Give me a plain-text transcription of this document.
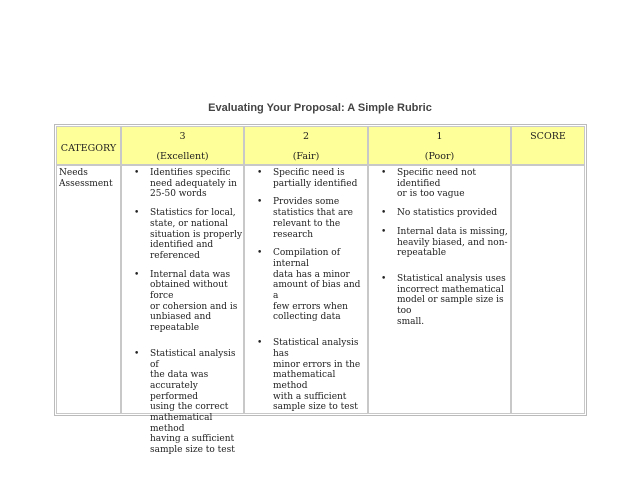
Evaluating Your Proposal: A Simple Rubric
CATEGORY
3
(Excellent)
2
(Fair)
1
(Poor)
SCORE
Needs
Assessment
• Identifies specific
need adequately in
25-50 words
• Statistics for local,
state, or national
situation is properly
identified and
referenced
• Internal data was
obtained without force
or cohersion and is
unbiased and
repeatable
• Statistical analysis of
the data was
accurately performed
using the correct
mathematical method
having a sufficient
sample size to test
• Specific need is
partially identified
• Provides some
statistics that are
relevant to the
research
• Compilation of internal
data has a minor
amount of bias and a
few errors when
collecting data
• Statistical analysis has
minor errors in the
mathematical method
with a sufficient
sample size to test
• Specific need not identified
or is too vague
• No statistics provided
• Internal data is missing,
heavily biased, and non-
repeatable
• Statistical analysis uses
incorrect mathematical
model or sample size is too
small.
